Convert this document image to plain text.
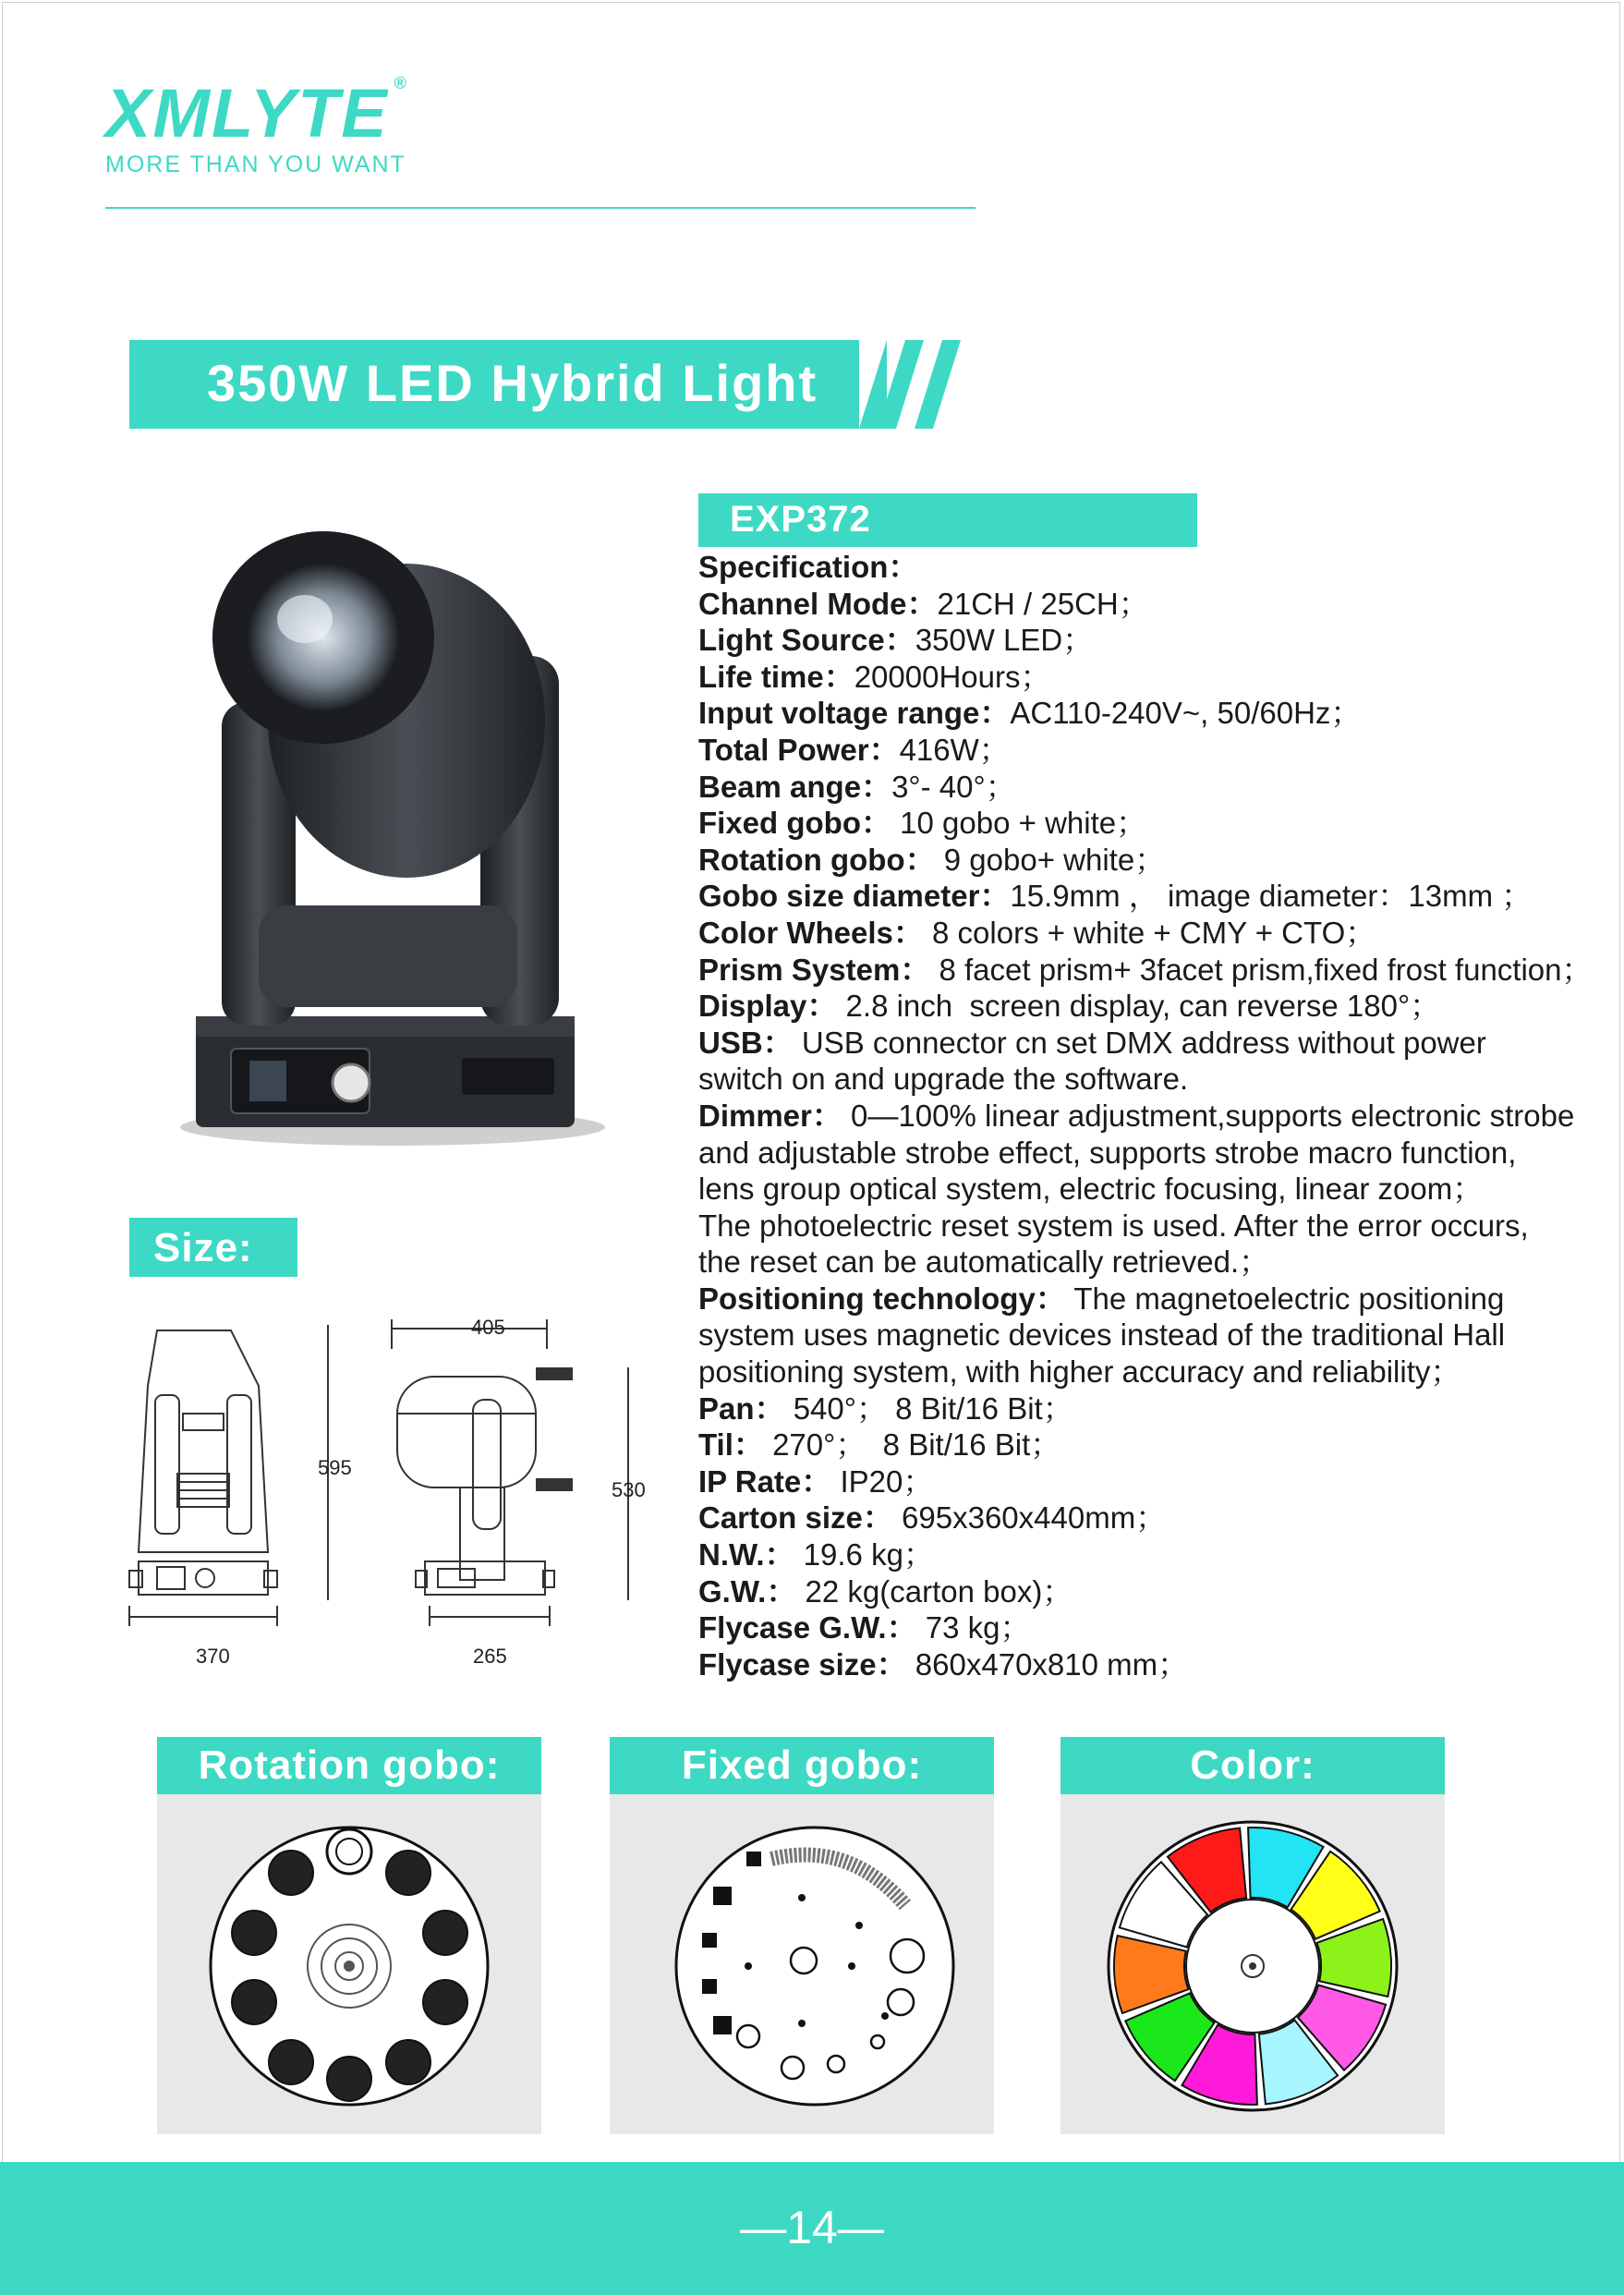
XMLYTE ®
MORE THAN YOU WANT
350W LED Hybrid Light
EXP372

Specification：

Channel Mode：21CH / 25CH；

Light Source：350W LED；

Life time：20000Hours；

Input voltage range：AC110-240V~, 50/60Hz；

Total Power：416W；

Beam ange：3°- 40°；

Fixed gobo： 10 gobo + white；

Rotation gobo： 9 gobo+ white；

Gobo size diameter：15.9mm ， image diameter：13mm ；

Color Wheels： 8 colors + white + CMY + CTO；

Prism System： 8 facet prism+ 3facet prism,fixed frost function；

Display： 2.8 inch  screen display, can reverse 180°；

USB： USB connector cn set DMX address without power
switch on and upgrade the software.

Dimmer： 0—100% linear adjustment,supports electronic strobe
and adjustable strobe effect, supports strobe macro function,
lens group optical system, electric focusing, linear zoom；
The photoelectric reset system is used. After the error occurs,
the reset can be automatically retrieved.；

Positioning technology： The magnetoelectric positioning
system uses magnetic devices instead of the traditional Hall
positioning system, with higher accuracy and reliability；

Pan： 540°； 8 Bit/16 Bit；

Til： 270°；  8 Bit/16 Bit；

IP Rate： IP20；

Carton size： 695x360x440mm；

N.W.： 19.6 kg；

G.W.： 22 kg(carton box)；

Flycase G.W.： 73 kg；

Flycase size： 860x470x810 mm；

Size:
595
370
405
530
265
Rotation gobo:	Fixed gobo:	Color:
—14—
